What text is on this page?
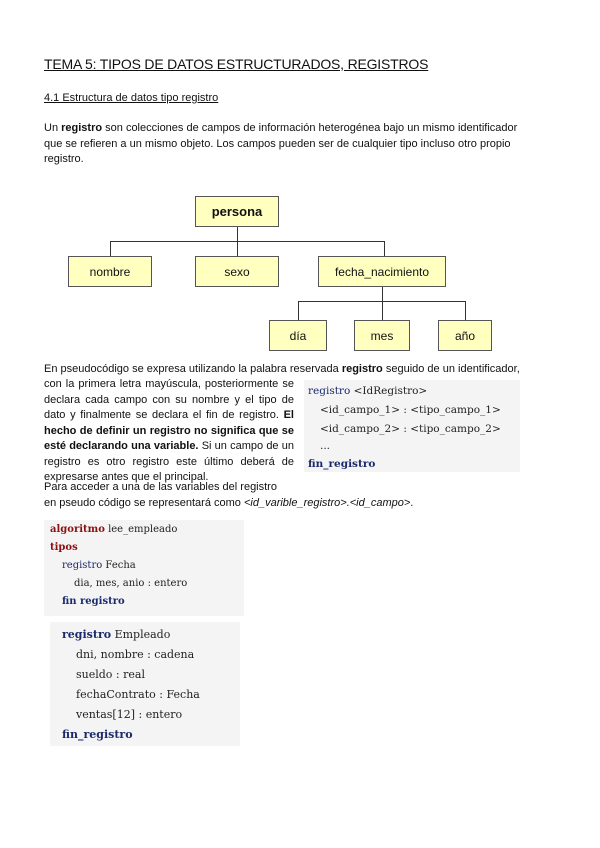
TEMA 5: TIPOS DE DATOS ESTRUCTURADOS, REGISTROS
4.1 Estructura de datos tipo registro
Un registro son colecciones de campos de información heterogénea bajo un mismo identificador que se refieren a un mismo objeto. Los campos pueden ser de cualquier tipo incluso otro propio registro.
persona
nombre	sexo	fecha_nacimiento
día	mes	año
En pseudocódigo se expresa utilizando la palabra reservada registro seguido de un identificador,
con la primera letra mayúscula, posteriormente se declara cada campo con su nombre y el tipo de dato y finalmente se declara el fin de registro. El hecho de definir un registro no significa que se esté declarando una variable. Si un campo de un registro es otro registro este último deberá de expresarse antes que el principal.
registro <IdRegistro>
<id_campo_1> : <tipo_campo_1>
<id_campo_2> : <tipo_campo_2>
...
fin_registro
Para acceder a una de las variables del registro
en pseudo código se representará como <id_varible_registro>.<id_campo>.
algoritmo lee_empleado
tipos
registro Fecha
dia, mes, anio : entero
fin registro
registro Empleado
dni, nombre : cadena
sueldo : real
fechaContrato : Fecha
ventas[12] : entero
fin_registro
